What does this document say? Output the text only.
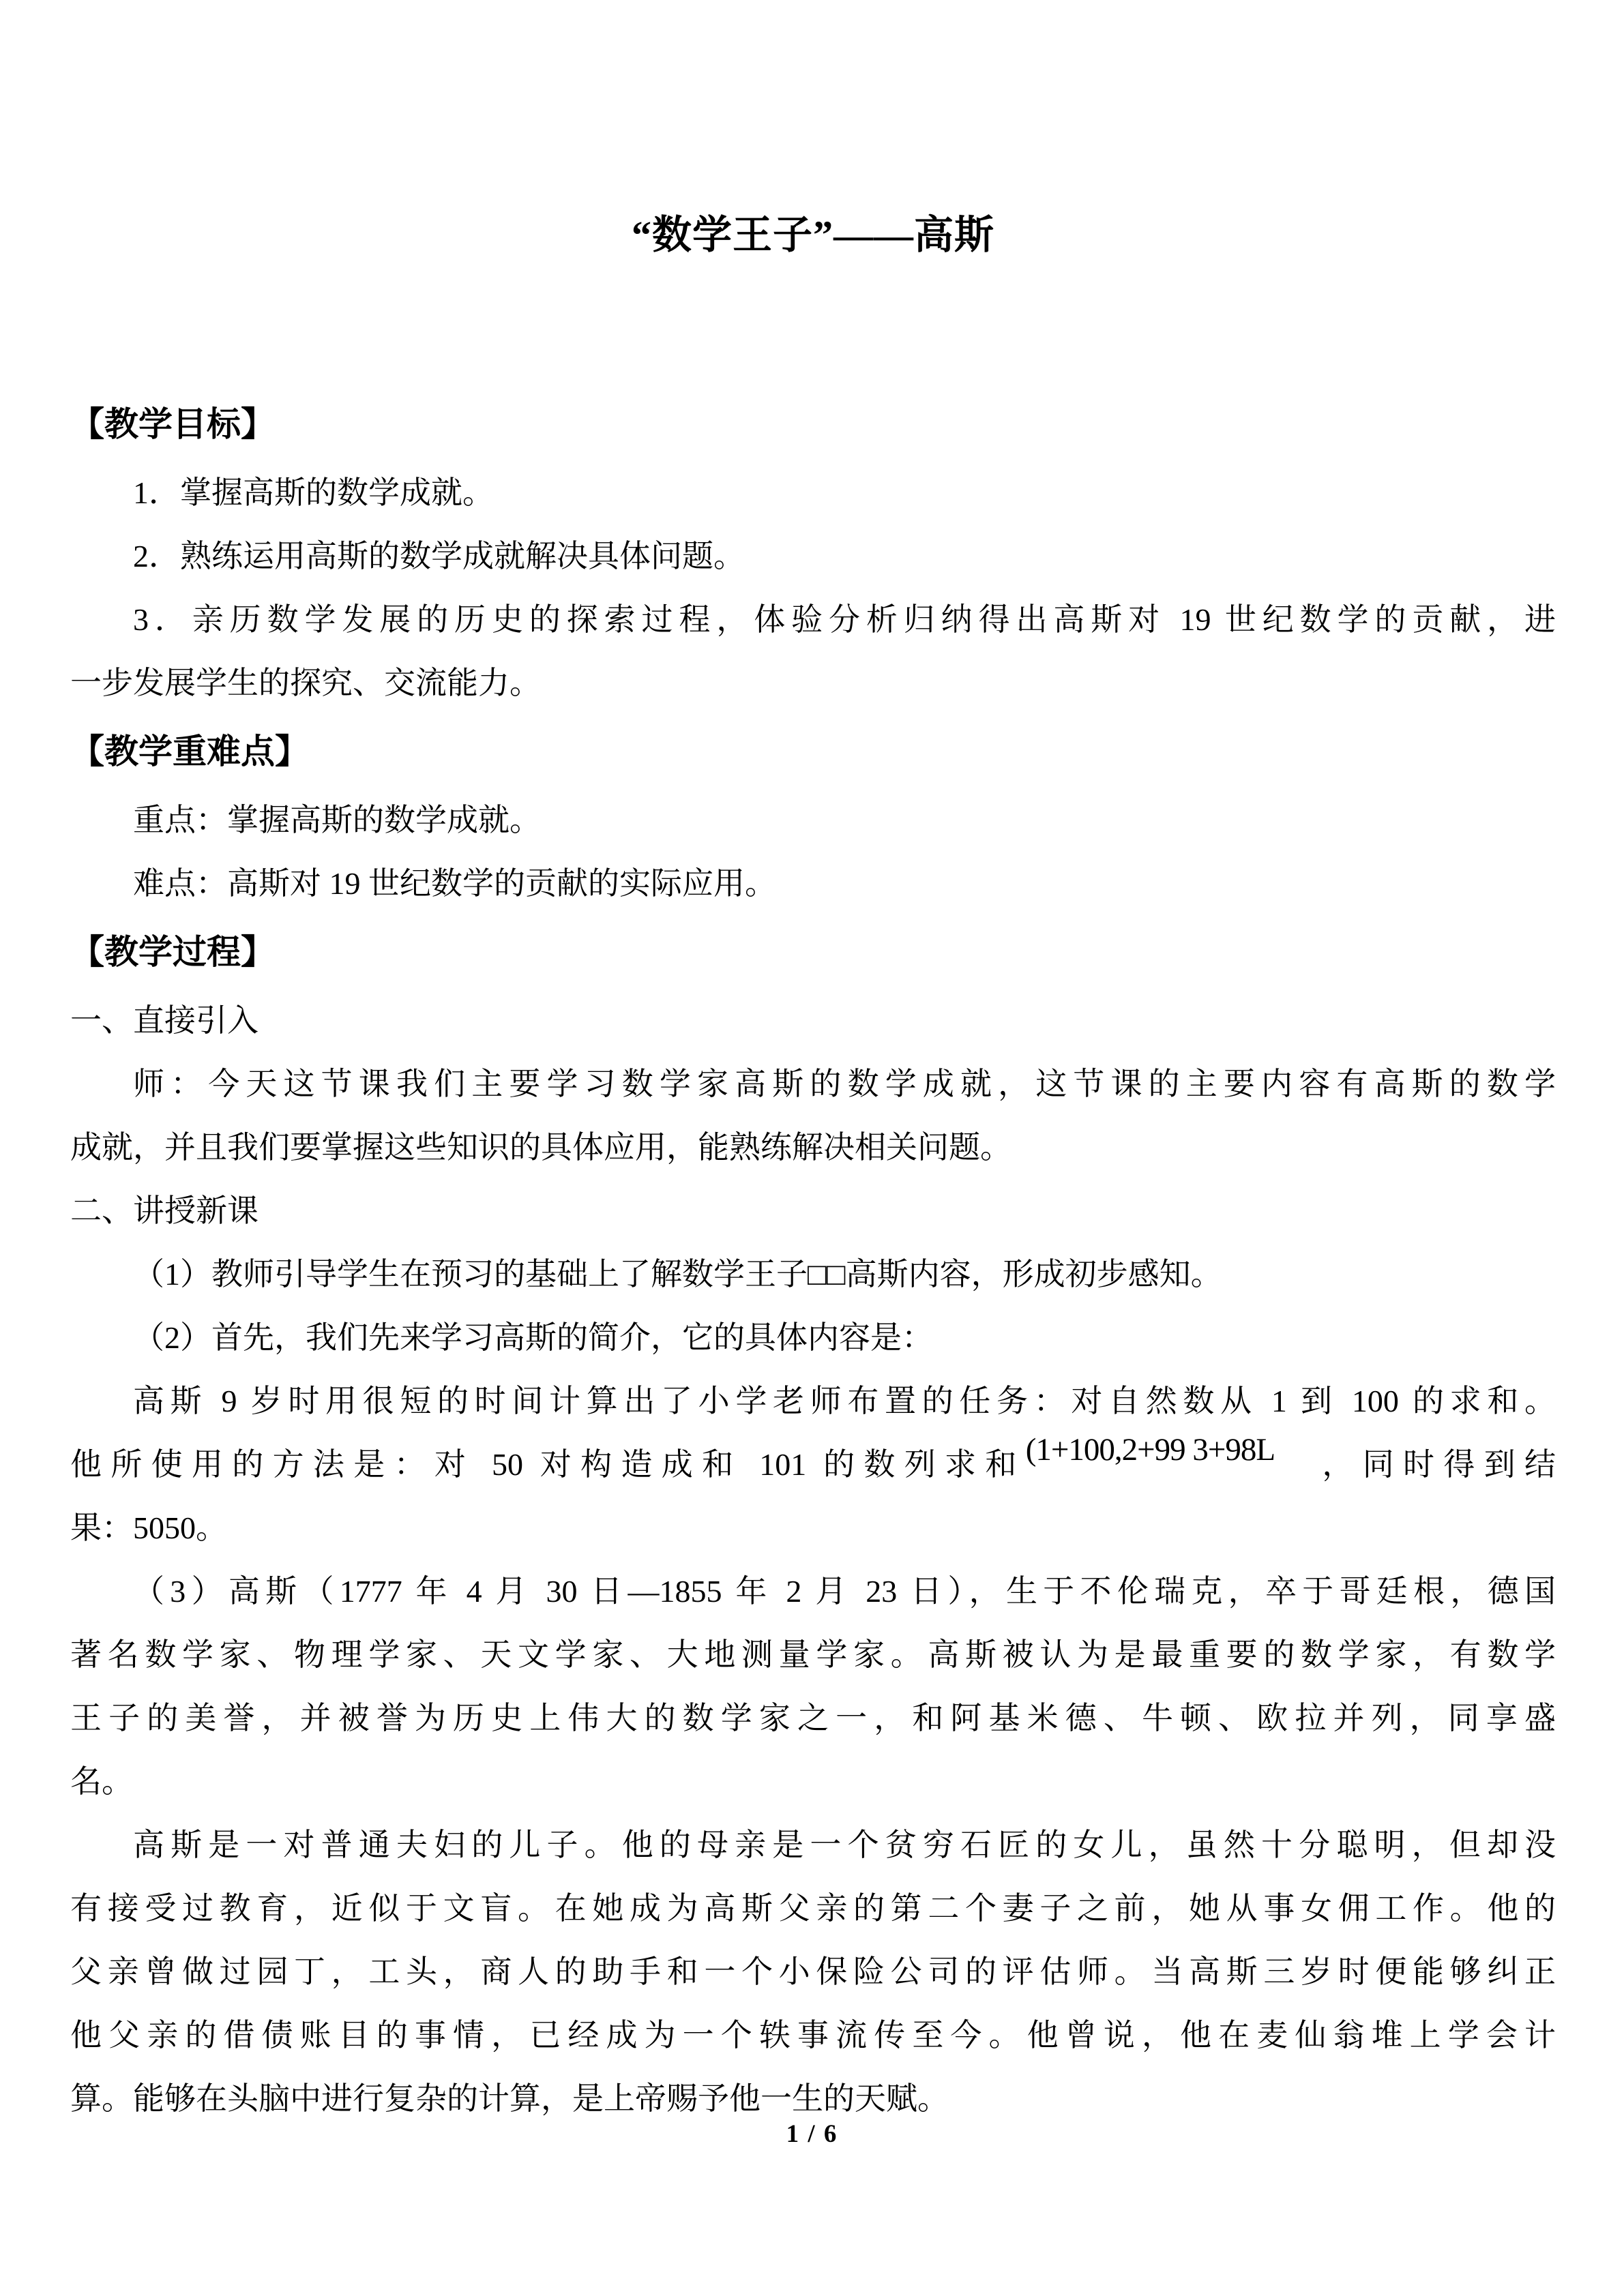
“数学王子”——高斯
【教学目标】
1．掌握高斯的数学成就。
2．熟练运用高斯的数学成就解决具体问题。
3．亲历数学发展的历史的探索过程，体验分析归纳得出高斯对 19 世纪数学的贡献，进
一步发展学生的探究、交流能力。
【教学重难点】
重点：掌握高斯的数学成就。
难点：高斯对 19 世纪数学的贡献的实际应用。
【教学过程】
一、直接引入
师：今天这节课我们主要学习数学家高斯的数学成就，这节课的主要内容有高斯的数学
成就，并且我们要掌握这些知识的具体应用，能熟练解决相关问题。
二、讲授新课
（1）教师引导学生在预习的基础上了解数学王子□□高斯内容，形成初步感知。
（2）首先，我们先来学习高斯的简介，它的具体内容是：
高斯 9 岁时用很短的时间计算出了小学老师布置的任务：对自然数从 1 到 100 的求和。
他所使用的方法是：对 50 对构造成和 101 的数列求和(1+100,2+99 3+98L ，同时得到结
果：5050。
（3）高斯（1777 年 4 月 30 日—1855 年 2 月 23 日），生于不伦瑞克，卒于哥廷根，德国
著名数学家、物理学家、天文学家、大地测量学家。高斯被认为是最重要的数学家，有数学
王子的美誉，并被誉为历史上伟大的数学家之一，和阿基米德、牛顿、欧拉并列，同享盛
名。
高斯是一对普通夫妇的儿子。他的母亲是一个贫穷石匠的女儿，虽然十分聪明，但却没
有接受过教育，近似于文盲。在她成为高斯父亲的第二个妻子之前，她从事女佣工作。他的
父亲曾做过园丁，工头，商人的助手和一个小保险公司的评估师。当高斯三岁时便能够纠正
他父亲的借债账目的事情，已经成为一个轶事流传至今。他曾说，他在麦仙翁堆上学会计
算。能够在头脑中进行复杂的计算，是上帝赐予他一生的天赋。
1 / 6
